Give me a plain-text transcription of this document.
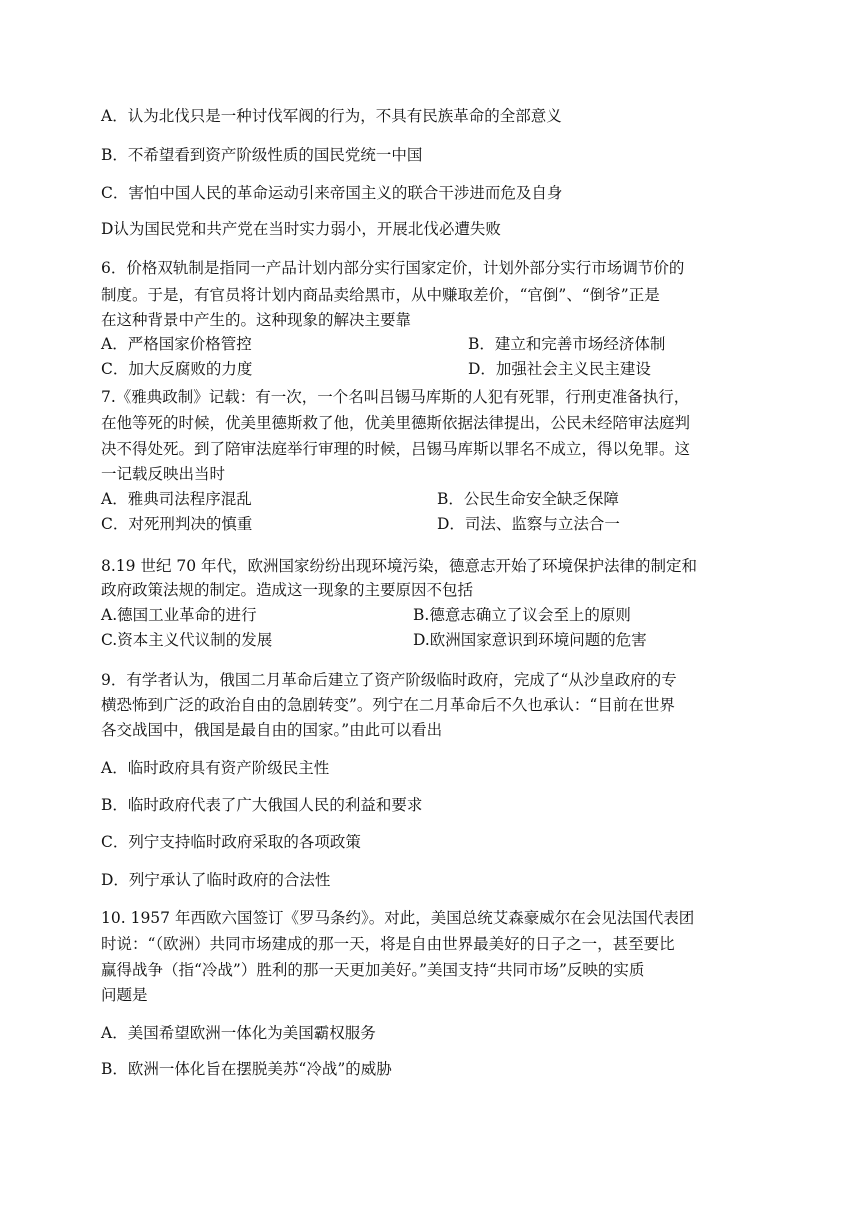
A．认为北伐只是一种讨伐军阀的行为，不具有民族革命的全部意义
B．不希望看到资产阶级性质的国民党统一中国
C．害怕中国人民的革命运动引来帝国主义的联合干涉进而危及自身
D认为国民党和共产党在当时实力弱小，开展北伐必遭失败
6．价格双轨制是指同一产品计划内部分实行国家定价，计划外部分实行市场调节价的
制度。于是，有官员将计划内商品卖给黑市，从中赚取差价，“官倒”、“倒爷”正是
在这种背景中产生的。这种现象的解决主要靠
A．严格国家价格管控	B．建立和完善市场经济体制
C．加大反腐败的力度	D．加强社会主义民主建设
7.《雅典政制》记载：有一次，一个名叫吕锡马库斯的人犯有死罪，行刑吏准备执行，
在他等死的时候，优美里德斯救了他，优美里德斯依据法律提出，公民未经陪审法庭判
决不得处死。到了陪审法庭举行审理的时候，吕锡马库斯以罪名不成立，得以免罪。这
一记载反映出当时
A．雅典司法程序混乱	B．公民生命安全缺乏保障
C．对死刑判决的慎重	D．司法、监察与立法合一
8.19 世纪 70 年代，欧洲国家纷纷出现环境污染，德意志开始了环境保护法律的制定和
政府政策法规的制定。造成这一现象的主要原因不包括
A.德国工业革命的进行	B.德意志确立了议会至上的原则
C.资本主义代议制的发展	D.欧洲国家意识到环境问题的危害
9．有学者认为，俄国二月革命后建立了资产阶级临时政府，完成了“从沙皇政府的专
横恐怖到广泛的政治自由的急剧转变”。列宁在二月革命后不久也承认：“目前在世界
各交战国中，俄国是最自由的国家。”由此可以看出
A．临时政府具有资产阶级民主性
B．临时政府代表了广大俄国人民的利益和要求
C．列宁支持临时政府采取的各项政策
D．列宁承认了临时政府的合法性
10. 1957 年西欧六国签订《罗马条约》。对此，美国总统艾森豪威尔在会见法国代表团
时说：“（欧洲）共同市场建成的那一天，将是自由世界最美好的日子之一，甚至要比
赢得战争（指“冷战”）胜利的那一天更加美好。”美国支持“共同市场”反映的实质
问题是
A．美国希望欧洲一体化为美国霸权服务
B．欧洲一体化旨在摆脱美苏“冷战”的威胁
